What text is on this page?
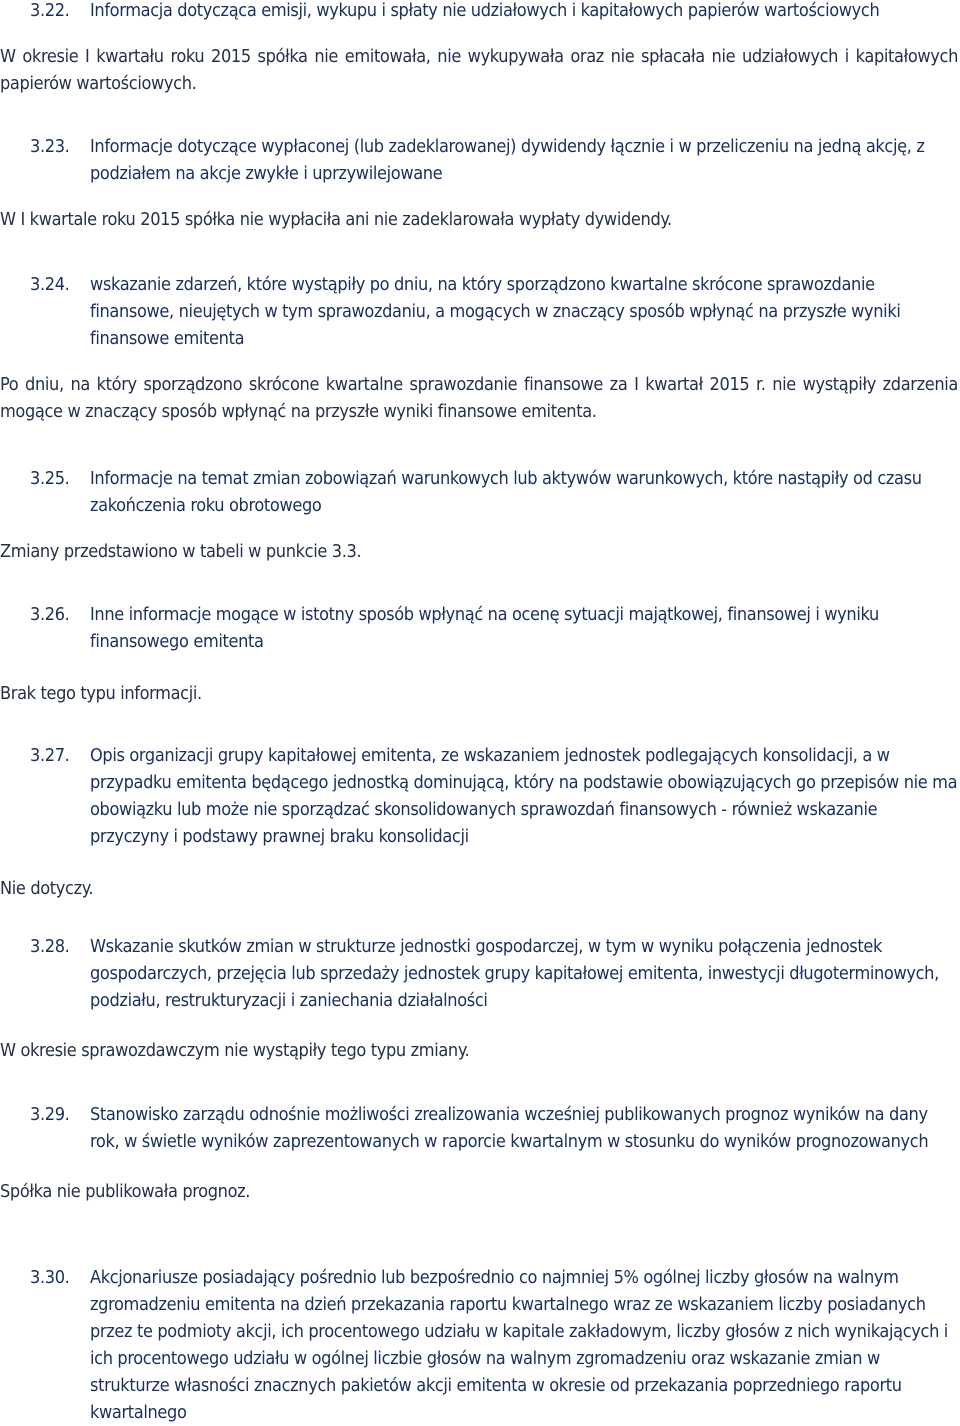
3.22. Informacja dotycząca emisji, wykupu i spłaty nie udziałowych i kapitałowych papierów wartościowych

W okresie I kwartału roku 2015 spółka nie emitowała, nie wykupywała oraz nie spłacała nie udziałowych i kapitałowych papierów wartościowych.

3.23. Informacje dotyczące wypłaconej (lub zadeklarowanej) dywidendy łącznie i w przeliczeniu na jedną akcję, z podziałem na akcje zwykłe i uprzywilejowane

W I kwartale roku 2015 spółka nie wypłaciła ani nie zadeklarowała wypłaty dywidendy.

3.24. wskazanie zdarzeń, które wystąpiły po dniu, na który sporządzono kwartalne skrócone sprawozdanie finansowe, nieujętych w tym sprawozdaniu, a mogących w znaczący sposób wpłynąć na przyszłe wyniki finansowe emitenta

Po dniu, na który sporządzono skrócone kwartalne sprawozdanie finansowe za I kwartał 2015 r. nie wystąpiły zdarzenia mogące w znaczący sposób wpłynąć na przyszłe wyniki finansowe emitenta.

3.25. Informacje na temat zmian zobowiązań warunkowych lub aktywów warunkowych, które nastąpiły od czasu zakończenia roku obrotowego

Zmiany przedstawiono w tabeli w punkcie 3.3.

3.26. Inne informacje mogące w istotny sposób wpłynąć na ocenę sytuacji majątkowej, finansowej i wyniku finansowego emitenta

Brak tego typu informacji.

3.27. Opis organizacji grupy kapitałowej emitenta, ze wskazaniem jednostek podlegających konsolidacji, a w przypadku emitenta będącego jednostką dominującą, który na podstawie obowiązujących go przepisów nie ma obowiązku lub może nie sporządzać skonsolidowanych sprawozdań finansowych - również wskazanie przyczyny i podstawy prawnej braku konsolidacji

Nie dotyczy.

3.28. Wskazanie skutków zmian w strukturze jednostki gospodarczej, w tym w wyniku połączenia jednostek gospodarczych, przejęcia lub sprzedaży jednostek grupy kapitałowej emitenta, inwestycji długoterminowych, podziału, restrukturyzacji i zaniechania działalności

W okresie sprawozdawczym nie wystąpiły tego typu zmiany.

3.29. Stanowisko zarządu odnośnie możliwości zrealizowania wcześniej publikowanych prognoz wyników na dany rok, w świetle wyników zaprezentowanych w raporcie kwartalnym w stosunku do wyników prognozowanych

Spółka nie publikowała prognoz.

3.30. Akcjonariusze posiadający pośrednio lub bezpośrednio co najmniej 5% ogólnej liczby głosów na walnym zgromadzeniu emitenta na dzień przekazania raportu kwartalnego wraz ze wskazaniem liczby posiadanych przez te podmioty akcji, ich procentowego udziału w kapitale zakładowym, liczby głosów z nich wynikających i ich procentowego udziału w ogólnej liczbie głosów na walnym zgromadzeniu oraz wskazanie zmian w strukturze własności znacznych pakietów akcji emitenta w okresie od przekazania poprzedniego raportu kwartalnego
